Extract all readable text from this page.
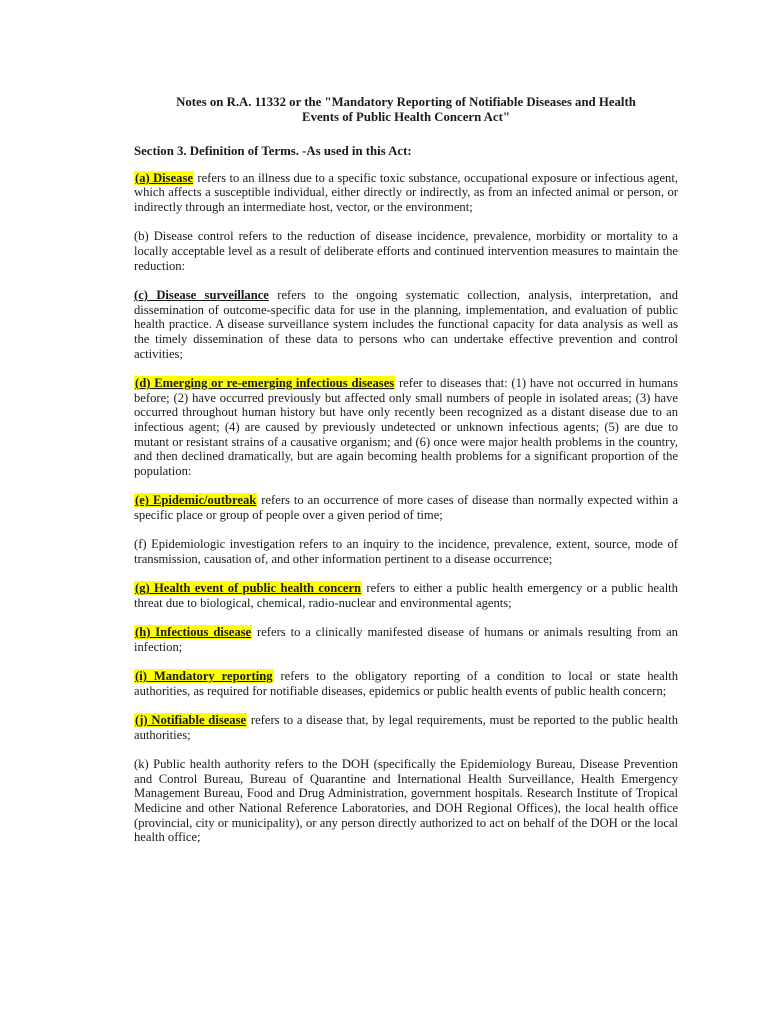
Notes on R.A. 11332 or the "Mandatory Reporting of Notifiable Diseases and Health
Events of Public Health Concern Act"
Section 3. Definition of Terms. -As used in this Act:

(a) Disease refers to an illness due to a specific toxic substance, occupational exposure or infectious agent, which affects a susceptible individual, either directly or indirectly, as from an infected animal or person, or indirectly through an intermediate host, vector, or the environment;

(b) Disease control refers to the reduction of disease incidence, prevalence, morbidity or mortality to a locally acceptable level as a result of deliberate efforts and continued intervention measures to maintain the reduction:

(c) Disease surveillance refers to the ongoing systematic collection, analysis, interpretation, and dissemination of outcome-specific data for use in the planning, implementation, and evaluation of public health practice. A disease surveillance system includes the functional capacity for data analysis as well as the timely dissemination of these data to persons who can undertake effective prevention and control activities;

(d) Emerging or re-emerging infectious diseases refer to diseases that: (1) have not occurred in humans before; (2) have occurred previously but affected only small numbers of people in isolated areas; (3) have occurred throughout human history but have only recently been recognized as a distant disease due to an infectious agent; (4) are caused by previously undetected or unknown infectious agents; (5) are due to mutant or resistant strains of a causative organism; and (6) once were major health problems in the country, and then declined dramatically, but are again becoming health problems for a significant proportion of the population:

(e) Epidemic/outbreak refers to an occurrence of more cases of disease than normally expected within a specific place or group of people over a given period of time;

(f) Epidemiologic investigation refers to an inquiry to the incidence, prevalence, extent, source, mode of transmission, causation of, and other information pertinent to a disease occurrence;

(g) Health event of public health concern refers to either a public health emergency or a public health threat due to biological, chemical, radio-nuclear and environmental agents;

(h) Infectious disease refers to a clinically manifested disease of humans or animals resulting from an infection;

(i) Mandatory reporting refers to the obligatory reporting of a condition to local or state health authorities, as required for notifiable diseases, epidemics or public health events of public health concern;

(j) Notifiable disease refers to a disease that, by legal requirements, must be reported to the public health authorities;

(k) Public health authority refers to the DOH (specifically the Epidemiology Bureau, Disease Prevention and Control Bureau, Bureau of Quarantine and International Health Surveillance, Health Emergency Management Bureau, Food and Drug Administration, government hospitals. Research Institute of Tropical Medicine and other National Reference Laboratories, and DOH Regional Offices), the local health office (provincial, city or municipality), or any person directly authorized to act on behalf of the DOH or the local health office;
